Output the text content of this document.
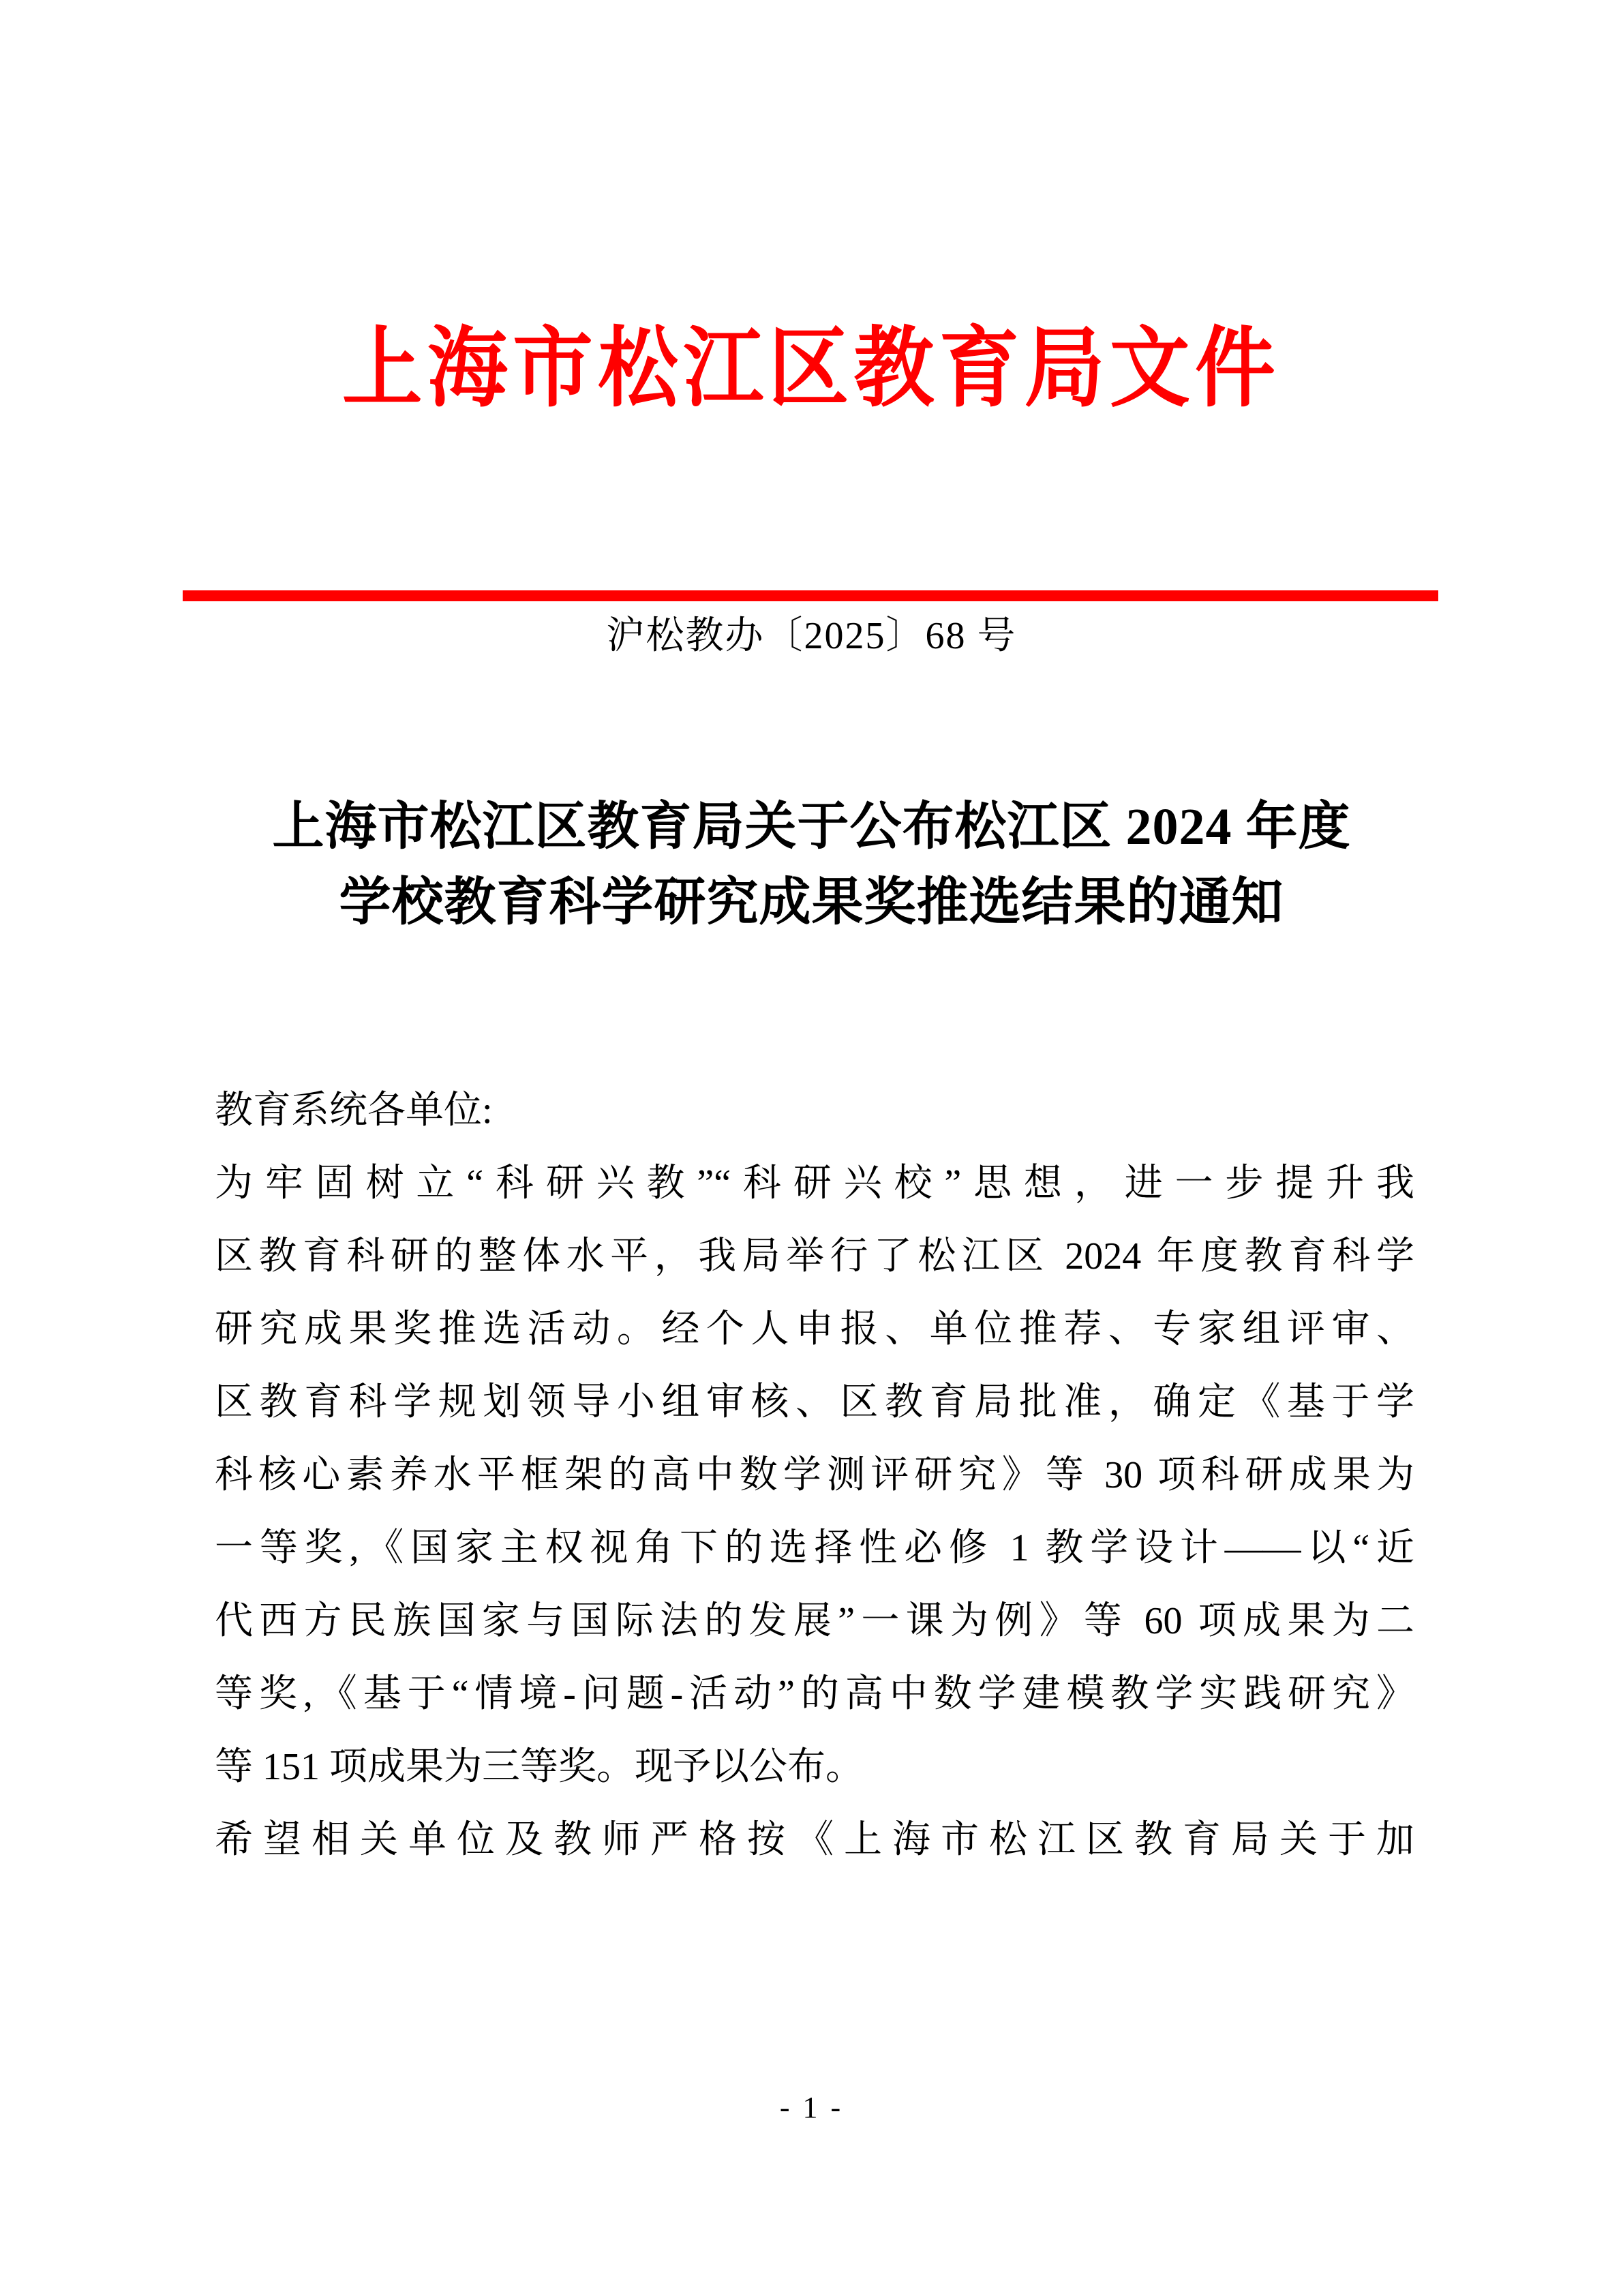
上海市松江区教育局文件
沪松教办〔2025〕68 号
上海市松江区教育局关于公布松江区 2024 年度
学校教育科学研究成果奖推选结果的通知
教育系统各单位:
为牢固树立“科研兴教”“科研兴校”思想，进一步提升我
区教育科研的整体水平，我局举行了松江区 2024 年度教育科学
研究成果奖推选活动。经个人申报、单位推荐、专家组评审、
区教育科学规划领导小组审核、区教育局批准，确定《基于学
科核心素养水平框架的高中数学测评研究》等 30 项科研成果为
一等奖,《国家主权视角下的选择性必修 1 教学设计——以“近
代西方民族国家与国际法的发展”一课为例》等 60 项成果为二
等奖,《基于“情境-问题-活动”的高中数学建模教学实践研究》
等 151 项成果为三等奖。现予以公布。
希望相关单位及教师严格按《上海市松江区教育局关于加
- 1 -
